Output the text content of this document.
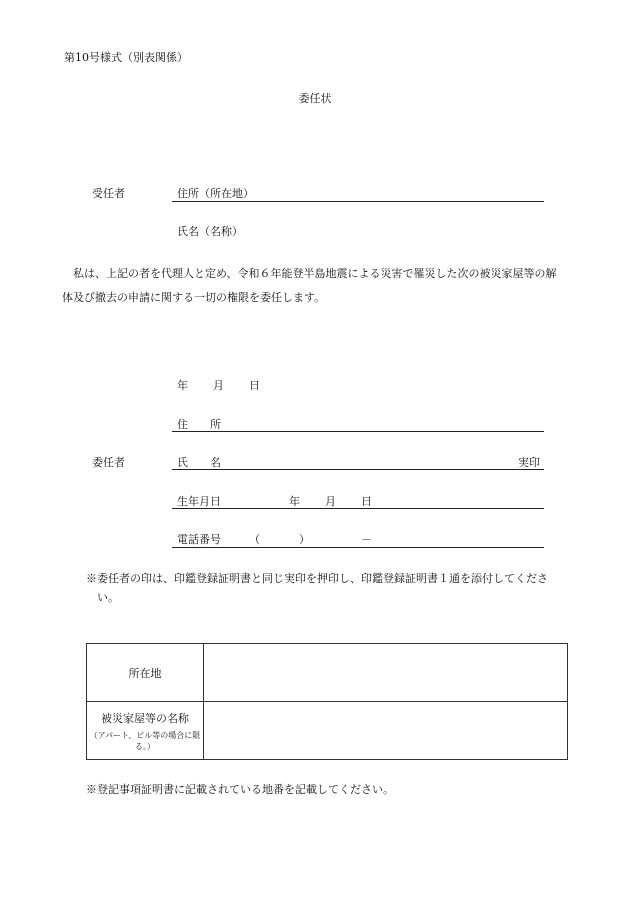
第10号様式（別表関係）
委任状
受任者	住所（所在地）
氏名（名称）
私は、上記の者を代理人と定め、令和６年能登半島地震による災害で罹災した次の被災家屋等の解体及び撤去の申請に関する一切の権限を委任します。
年 月 日
住　　所
委任者	氏　　名	実印
生年月日	年 月 日
電話番号	（	）	－
※委任者の印は、印鑑登録証明書と同じ実印を押印し、印鑑登録証明書１通を添付してください。
所在地	
被災家屋等の名称
（アパート、ビル等の場合に限る。）	

※登記事項証明書に記載されている地番を記載してください。
